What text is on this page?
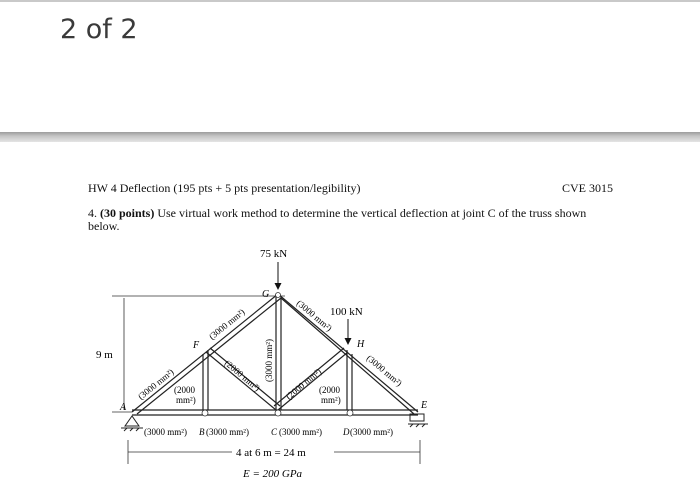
2 of 2
HW 4 Deflection (195 pts + 5 pts presentation/legibility)	CVE 3015
4. (30 points) Use virtual work method to determine the vertical deflection at joint C of the truss shown below.
9 m
75 kN
100 kN
A
F
G
H
E
(3000 mm²)
(3000 mm²)	(3000 mm²)
(3000 mm²)
(3000 mm²)
(2000 mm²) (2000 mm²)
(2000
mm²)
(2000
mm²)
(3000 mm²) B (3000 mm²) C (3000 mm²) D (3000 mm²)
4 at 6 m = 24 m
E = 200 GPa
